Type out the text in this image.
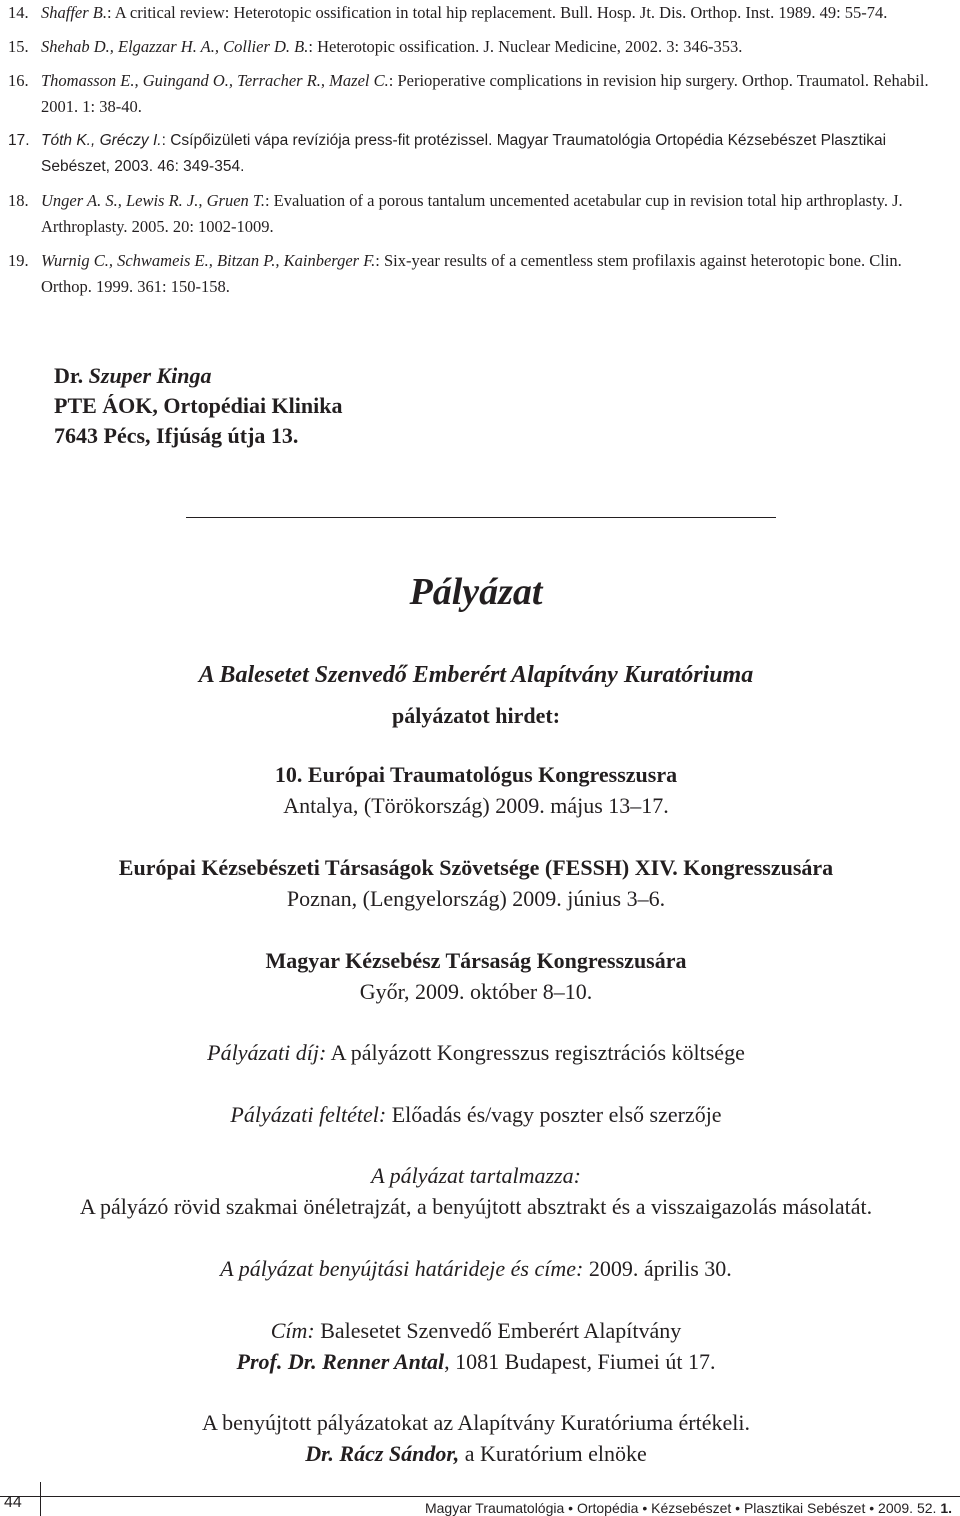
14. Shaffer B.: A critical review: Heterotopic ossification in total hip replacement. Bull. Hosp. Jt. Dis. Orthop. Inst. 1989. 49: 55-74.
15. Shehab D., Elgazzar H. A., Collier D. B.: Heterotopic ossification. J. Nuclear Medicine, 2002. 3: 346-353.
16. Thomasson E., Guingand O., Terracher R., Mazel C.: Perioperative complications in revision hip surgery. Orthop. Traumatol. Rehabil. 2001. 1: 38-40.
17. Tóth K., Gréczy I.: Csípőizületi vápa revíziója press-fit protézissel. Magyar Traumatológia Ortopédia Kézsebészet Plasztikai Sebészet, 2003. 46: 349-354.
18. Unger A. S., Lewis R. J., Gruen T.: Evaluation of a porous tantalum uncemented acetabular cup in revision total hip arthroplasty. J. Arthroplasty. 2005. 20: 1002-1009.
19. Wurnig C., Schwameis E., Bitzan P., Kainberger F.: Six-year results of a cementless stem profilaxis against heterotopic bone. Clin. Orthop. 1999. 361: 150-158.
Dr. Szuper Kinga
PTE ÁOK, Ortopédiai Klinika
7643 Pécs, Ifjúság útja 13.
Pályázat
A Balesetet Szenvedő Emberért Alapítvány Kuratóriuma
pályázatot hirdet:
10. Európai Traumatológus Kongresszusra
Antalya, (Törökország) 2009. május 13–17.
Európai Kézsebészeti Társaságok Szövetsége (FESSH) XIV. Kongresszusára
Poznan, (Lengyelország) 2009. június 3–6.
Magyar Kézsebész Társaság Kongresszusára
Győr, 2009. október 8–10.
Pályázati díj: A pályázott Kongresszus regisztrációs költsége
Pályázati feltétel: Előadás és/vagy poszter első szerzője
A pályázat tartalmazza:
A pályázó rövid szakmai önéletrajzát, a benyújtott absztrakt és a visszaigazolás másolatát.
A pályázat benyújtási határideje és címe: 2009. április 30.
Cím: Balesetet Szenvedő Emberért Alapítvány
Prof. Dr. Renner Antal, 1081 Budapest, Fiumei út 17.
A benyújtott pályázatokat az Alapítvány Kuratóriuma értékeli.
Dr. Rácz Sándor, a Kuratórium elnöke
44	Magyar Traumatológia • Ortopédia • Kézsebészet • Plasztikai Sebészet • 2009. 52. 1.
